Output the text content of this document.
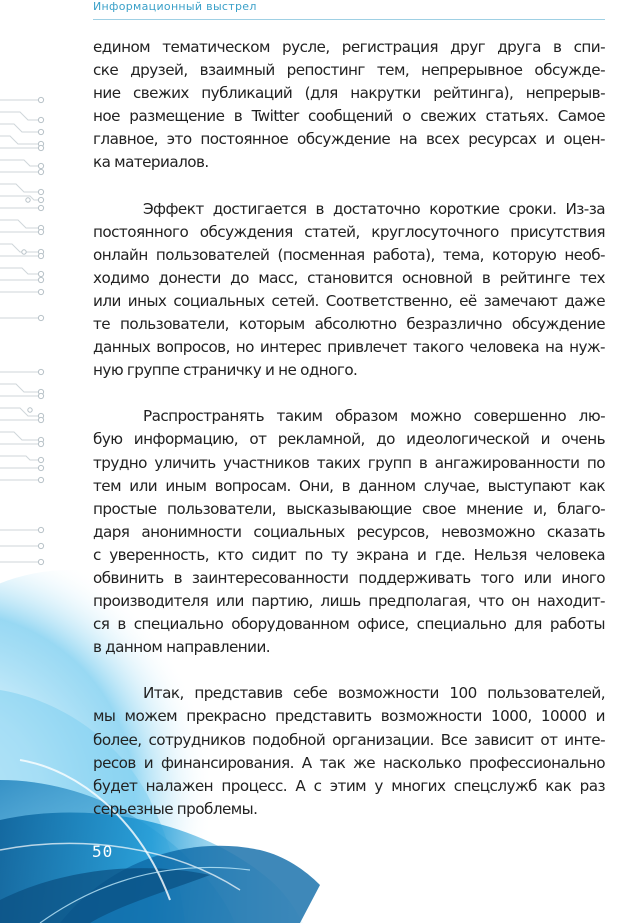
Информационный выстрел

едином тематическом русле, регистрация друг друга в спи-
ске друзей, взаимный репостинг тем, непрерывное обсужде-
ние свежих публикаций (для накрутки рейтинга), непрерыв-
ное размещение в Twitter сообщений о свежих статьях. Самое
главное, это постоянное обсуждение на всех ресурсах и оцен-
ка материалов.

Эффект достигается в достаточно короткие сроки. Из-за
постоянного обсуждения статей, круглосуточного присутствия
онлайн пользователей (посменная работа), тема, которую необ-
ходимо донести до масс, становится основной в рейтинге тех
или иных социальных сетей. Соответственно, её замечают даже
те пользователи, которым абсолютно безразлично обсуждение
данных вопросов, но интерес привлечет такого человека на нуж-
ную группе страничку и не одного.

Распространять таким образом можно совершенно лю-
бую информацию, от рекламной, до идеологической и очень
трудно уличить участников таких групп в ангажированности по
тем или иным вопросам. Они, в данном случае, выступают как
простые пользователи, высказывающие свое мнение и, благо-
даря анонимности социальных ресурсов, невозможно сказать
с уверенность, кто сидит по ту экрана и где. Нельзя человека
обвинить в заинтересованности поддерживать того или иного
производителя или партию, лишь предполагая, что он находит-
ся в специально оборудованном офисе, специально для работы
в данном направлении.

Итак, представив себе возможности 100 пользователей,
мы можем прекрасно представить возможности 1000, 10000 и
более, сотрудников подобной организации. Все зависит от инте-
ресов и финансирования. А так же насколько профессионально
будет налажен процесс. А с этим у многих спецслужб как раз
серьезные проблемы.

50
